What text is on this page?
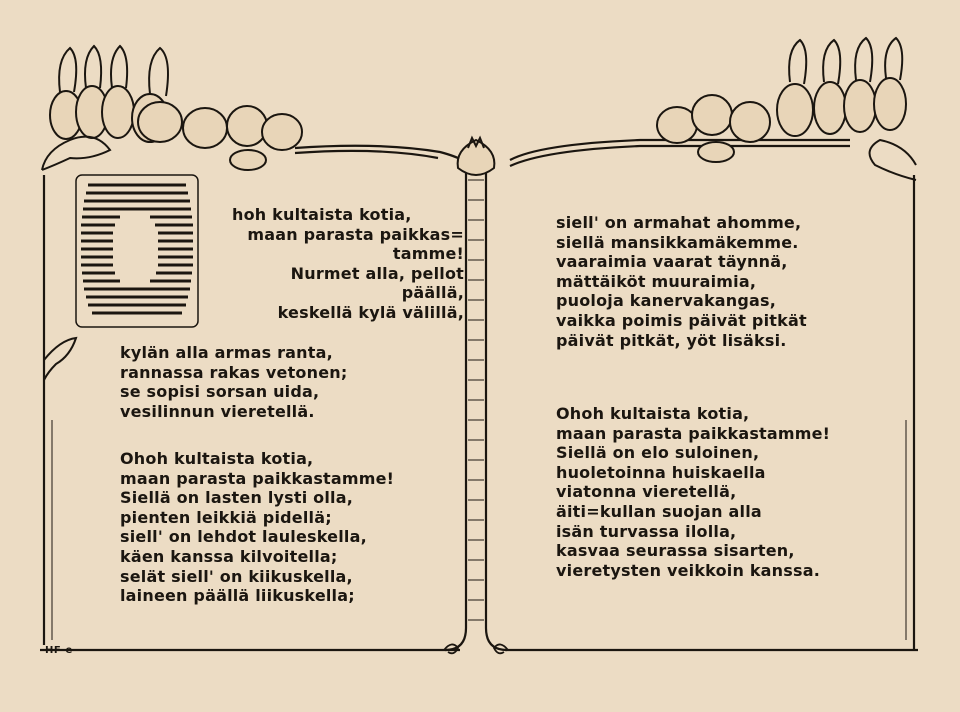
hoh kultaista kotia,
maan parasta paikkas=
tamme!
Nurmet alla, pellot
päällä,
keskellä kylä välillä,
kylän alla armas ranta,
rannassa rakas vetonen;
se sopisi sorsan uida,
vesilinnun vieretellä.
Ohoh kultaista kotia,
maan parasta paikkastamme!
Siellä on lasten lysti olla,
pienten leikkiä pidellä;
siell' on lehdot lauleskella,
käen kanssa kilvoitella;
selät siell' on kiikuskella,
laineen päällä liikuskella;
siell' on armahat ahomme,
siellä mansikkamäkemme.
vaaraimia vaarat täynnä,
mättäiköt muuraimia,
puoloja kanervakangas,
vaikka poimis päivät pitkät
päivät pitkät, yöt lisäksi.
Ohoh kultaista kotia,
maan parasta paikkastamme!
Siellä on elo suloinen,
huoletoinna huiskaella
viatonna vieretellä,
äiti=kullan suojan alla
isän turvassa ilolla,
kasvaa seurassa sisarten,
vieretysten veikkoin kanssa.
HF-e
